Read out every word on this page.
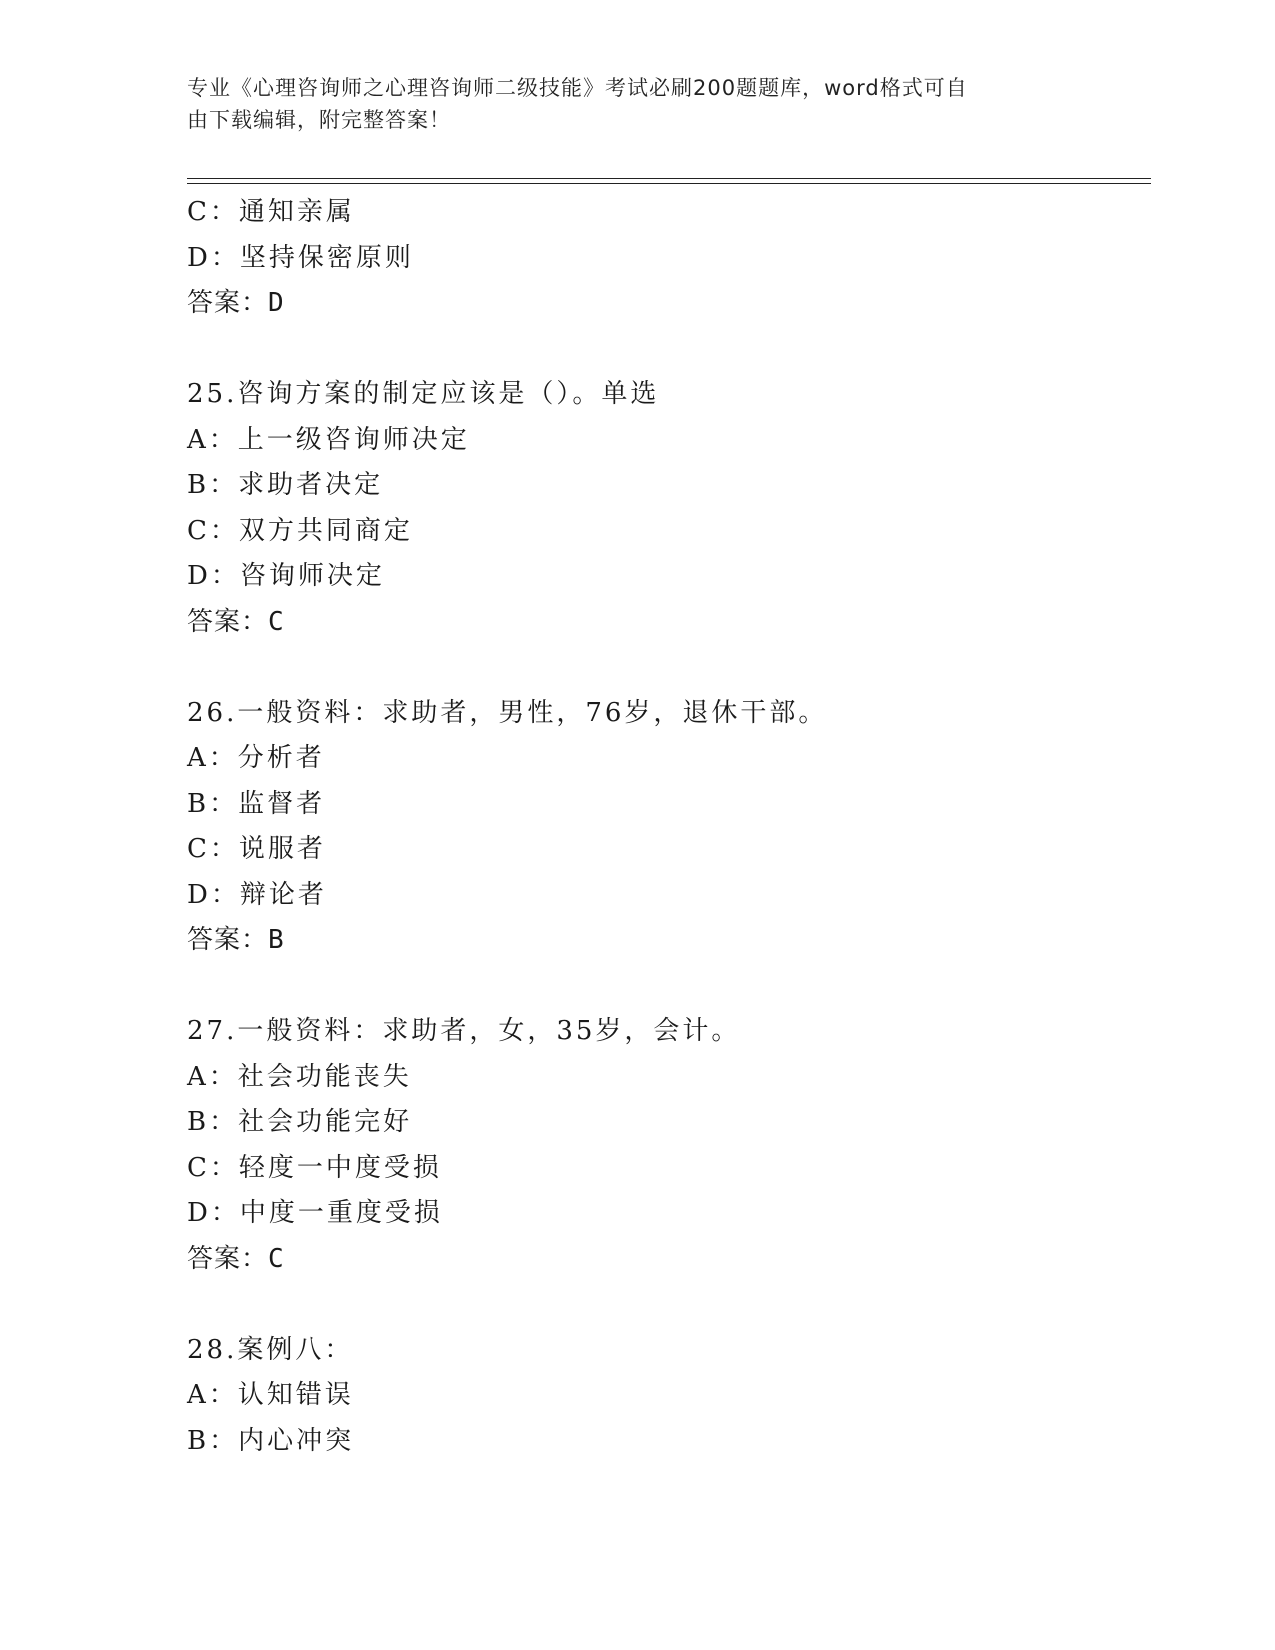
专业《心理咨询师之心理咨询师二级技能》考试必刷200题题库，word格式可自
由下载编辑，附完整答案！
C：通知亲属
D：坚持保密原则
答案：D
25.咨询方案的制定应该是（）。单选
A：上一级咨询师决定
B：求助者决定
C：双方共同商定
D：咨询师决定
答案：C
26.一般资料：求助者，男性，76岁，退休干部。
A：分析者
B：监督者
C：说服者
D：辩论者
答案：B
27.一般资料：求助者，女，35岁，会计。
A：社会功能丧失
B：社会功能完好
C：轻度一中度受损
D：中度一重度受损
答案：C
28.案例八：
A：认知错误
B：内心冲突
